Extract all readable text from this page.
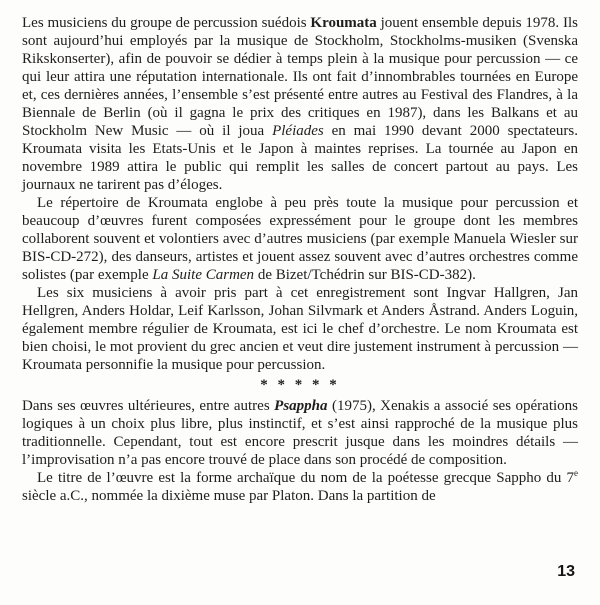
Les musiciens du groupe de percussion suédois Kroumata jouent ensemble depuis 1978. Ils sont aujourd’hui employés par la musique de Stockholm, Stockholms-musiken (Svenska Rikskonserter), afin de pouvoir se dédier à temps plein à la musique pour percussion — ce qui leur attira une réputation internationale. Ils ont fait d’innombrables tournées en Europe et, ces dernières années, l’ensemble s’est présenté entre autres au Festival des Flandres, à la Biennale de Berlin (où il gagna le prix des critiques en 1987), dans les Balkans et au Stockholm New Music — où il joua Pléiades en mai 1990 devant 2000 spectateurs. Kroumata visita les Etats-Unis et le Japon à maintes reprises. La tournée au Japon en novembre 1989 attira le public qui remplit les salles de concert partout au pays. Les journaux ne tarirent pas d’éloges.

Le répertoire de Kroumata englobe à peu près toute la musique pour percussion et beaucoup d’œuvres furent composées expressément pour le groupe dont les membres collaborent souvent et volontiers avec d’autres musiciens (par exemple Manuela Wiesler sur BIS-CD-272), des danseurs, artistes et jouent assez souvent avec d’autres orchestres comme solistes (par exemple La Suite Carmen de Bizet/Tchédrin sur BIS-CD-382).

Les six musiciens à avoir pris part à cet enregistrement sont Ingvar Hallgren, Jan Hellgren, Anders Holdar, Leif Karlsson, Johan Silvmark et Anders Åstrand. Anders Loguin, également membre régulier de Kroumata, est ici le chef d’orchestre. Le nom Kroumata est bien choisi, le mot provient du grec ancien et veut dire justement instrument à percussion — Kroumata personnifie la musique pour percussion.

* * * * *

Dans ses œuvres ultérieures, entre autres Psappha (1975), Xenakis a associé ses opérations logiques à un choix plus libre, plus instinctif, et s’est ainsi rapproché de la musique plus traditionnelle. Cependant, tout est encore prescrit jusque dans les moindres détails — l’improvisation n’a pas encore trouvé de place dans son procédé de composition.

Le titre de l’œuvre est la forme archaïque du nom de la poétesse grecque Sappho du 7e siècle a.C., nommée la dixième muse par Platon. Dans la partition de

13
